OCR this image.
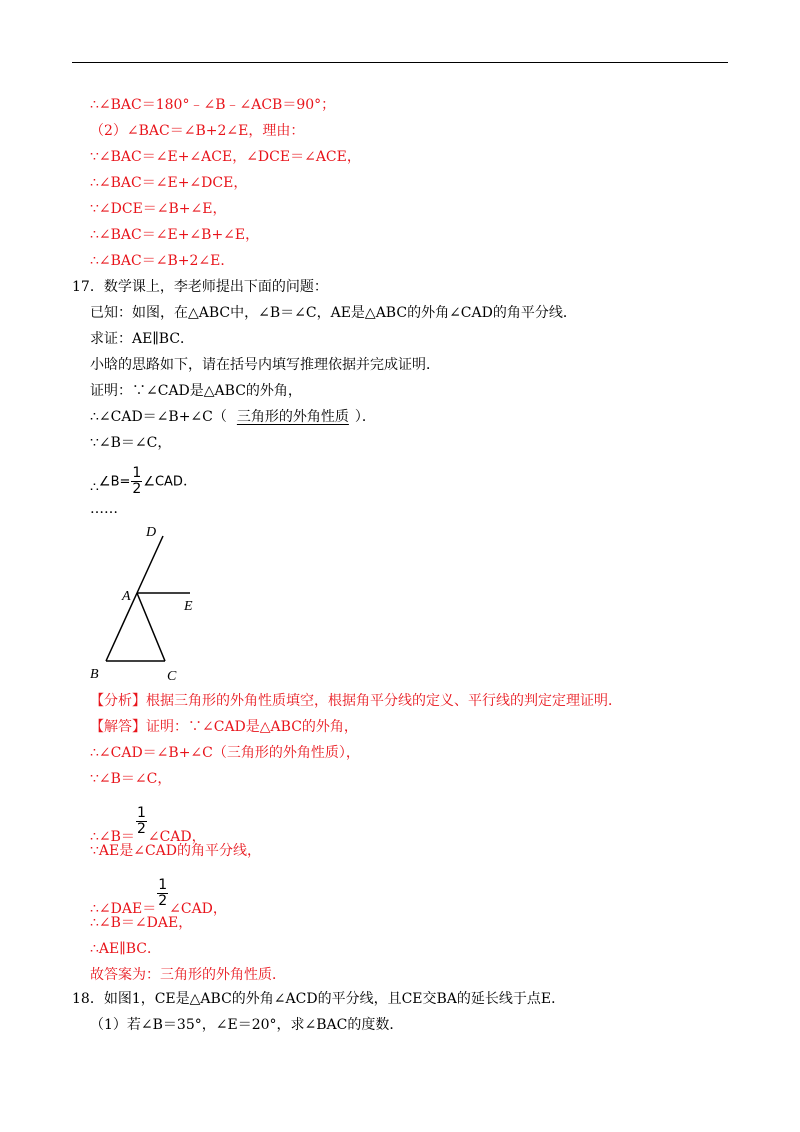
∴∠BAC＝180°﹣∠B﹣∠ACB＝90°；
（2）∠BAC＝∠B+2∠E，理由：
∵∠BAC＝∠E+∠ACE，∠DCE＝∠ACE，
∴∠BAC＝∠E+∠DCE，
∵∠DCE＝∠B+∠E，
∴∠BAC＝∠E+∠B+∠E，
∴∠BAC＝∠B+2∠E．
17．数学课上，李老师提出下面的问题：
已知：如图，在△ABC中，∠B＝∠C，AE是△ABC的外角∠CAD的角平分线．
求证：AE∥BC．
小晗的思路如下，请在括号内填写推理依据并完成证明．
证明：∵∠CAD是△ABC的外角，
∴∠CAD＝∠B+∠C（ 三角形的外角性质 ）．
∵∠B＝∠C，
∴∠B= $\frac{1}{2}$ ∠CAD.
……
D
A
E
B	C
【分析】根据三角形的外角性质填空，根据角平分线的定义、平行线的判定定理证明．
【解答】证明：∵∠CAD是△ABC的外角，
∴∠CAD＝∠B+∠C（三角形的外角性质），
∵∠B＝∠C，
∴∠B＝ $\frac{1}{2}$ ∠CAD，
∵AE是∠CAD的角平分线，
∴∠DAE＝ $\frac{1}{2}$ ∠CAD，
∴∠B＝∠DAE，
∴AE∥BC．
故答案为：三角形的外角性质．
18．如图1，CE是△ABC的外角∠ACD的平分线，且CE交BA的延长线于点E．
（1）若∠B＝35°，∠E＝20°，求∠BAC的度数．
